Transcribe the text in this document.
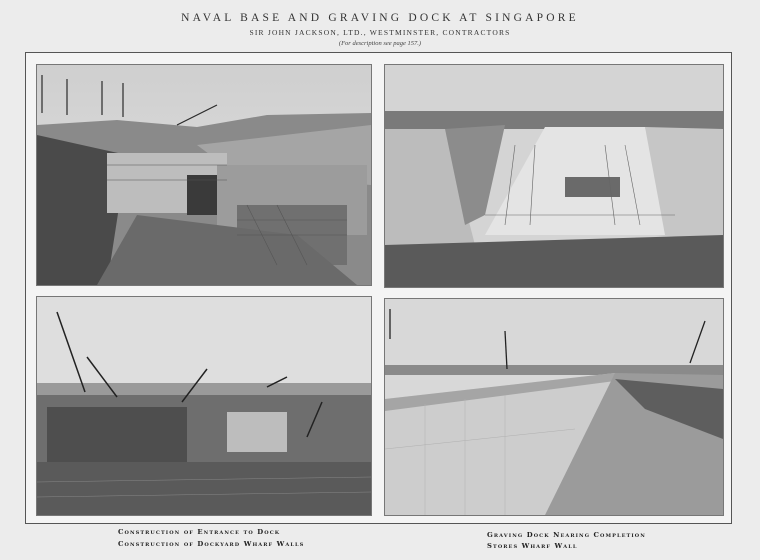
NAVAL BASE AND GRAVING DOCK AT SINGAPORE
SIR JOHN JACKSON, LTD., WESTMINSTER, CONTRACTORS
(For description see page 157.)
Construction of Entrance to Dock
Construction of Dockyard Wharf Walls
Graving Dock Nearing Completion
Stores Wharf Wall
